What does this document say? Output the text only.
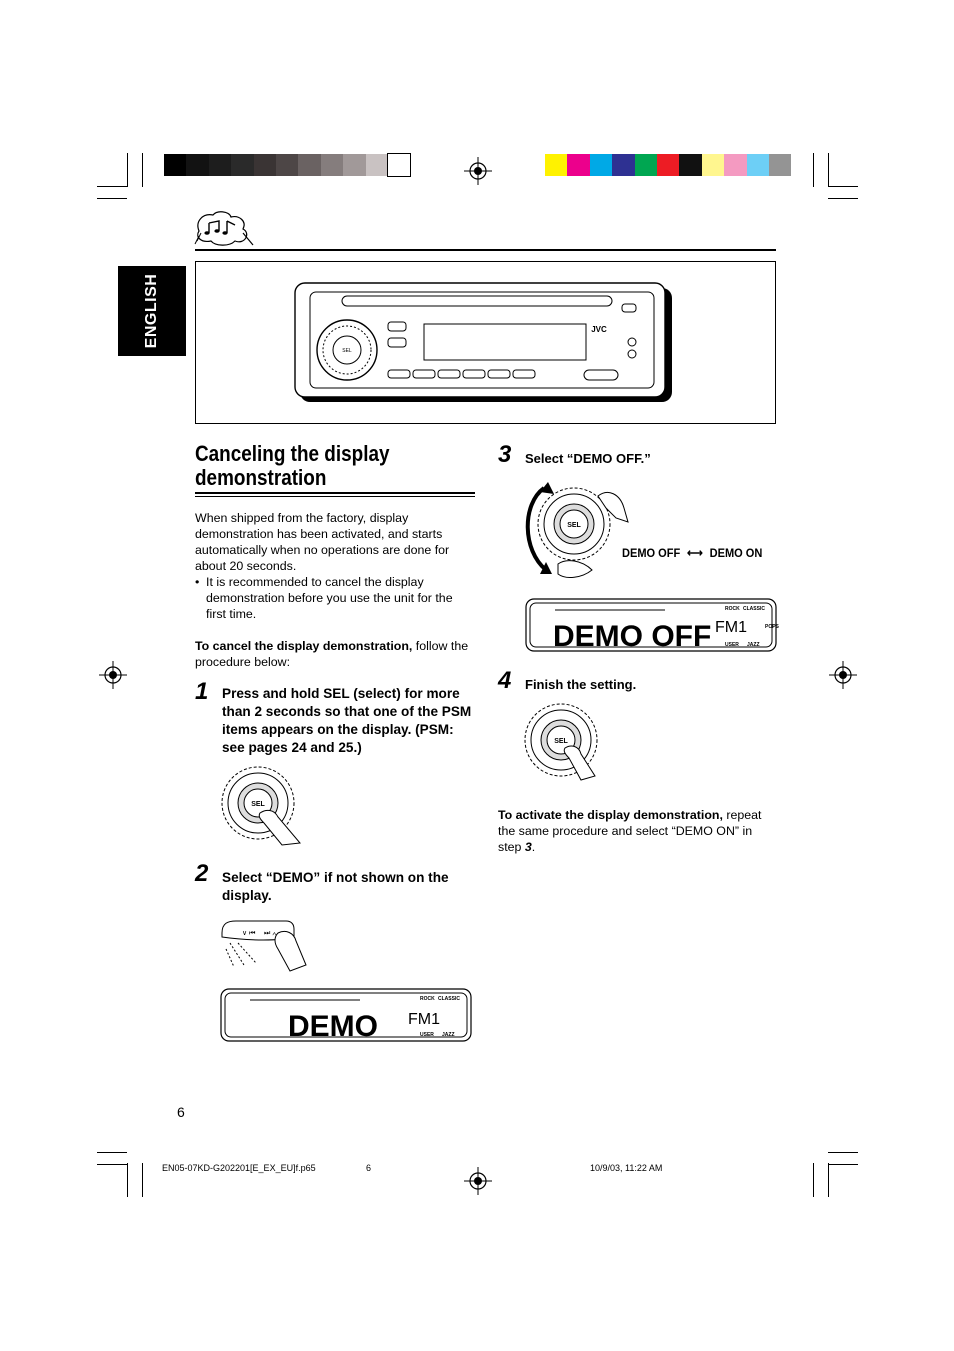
ENGLISH
SEL
JVC
Canceling the display
demonstration
When shipped from the factory, display demonstration has been activated, and starts automatically when no operations are done for about 20 seconds.
• It is recommended to cancel the display demonstration before you use the unit for the first time.
To cancel the display demonstration, follow the procedure below:
1 Press and hold SEL (select) for more than 2 seconds so that one of the PSM items appears on the display. (PSM: see pages 24 and 25.)
SEL
2 Select “DEMO” if not shown on the display.
∨ ⏮ ⏭ ∧
DEMO FM1
ROCK CLASSIC
USER JAZZ
6
3 Select “DEMO OFF.”
SEL
DEMO OFF ⟷ DEMO ON
DEMO OFF FM1
ROCK CLASSIC
POPS
USER JAZZ
4 Finish the setting.
SEL
To activate the display demonstration, repeat the same procedure and select “DEMO ON” in step 3.
EN05-07KD-G202201[E_EX_EU]f.p65	6	10/9/03, 11:22 AM
